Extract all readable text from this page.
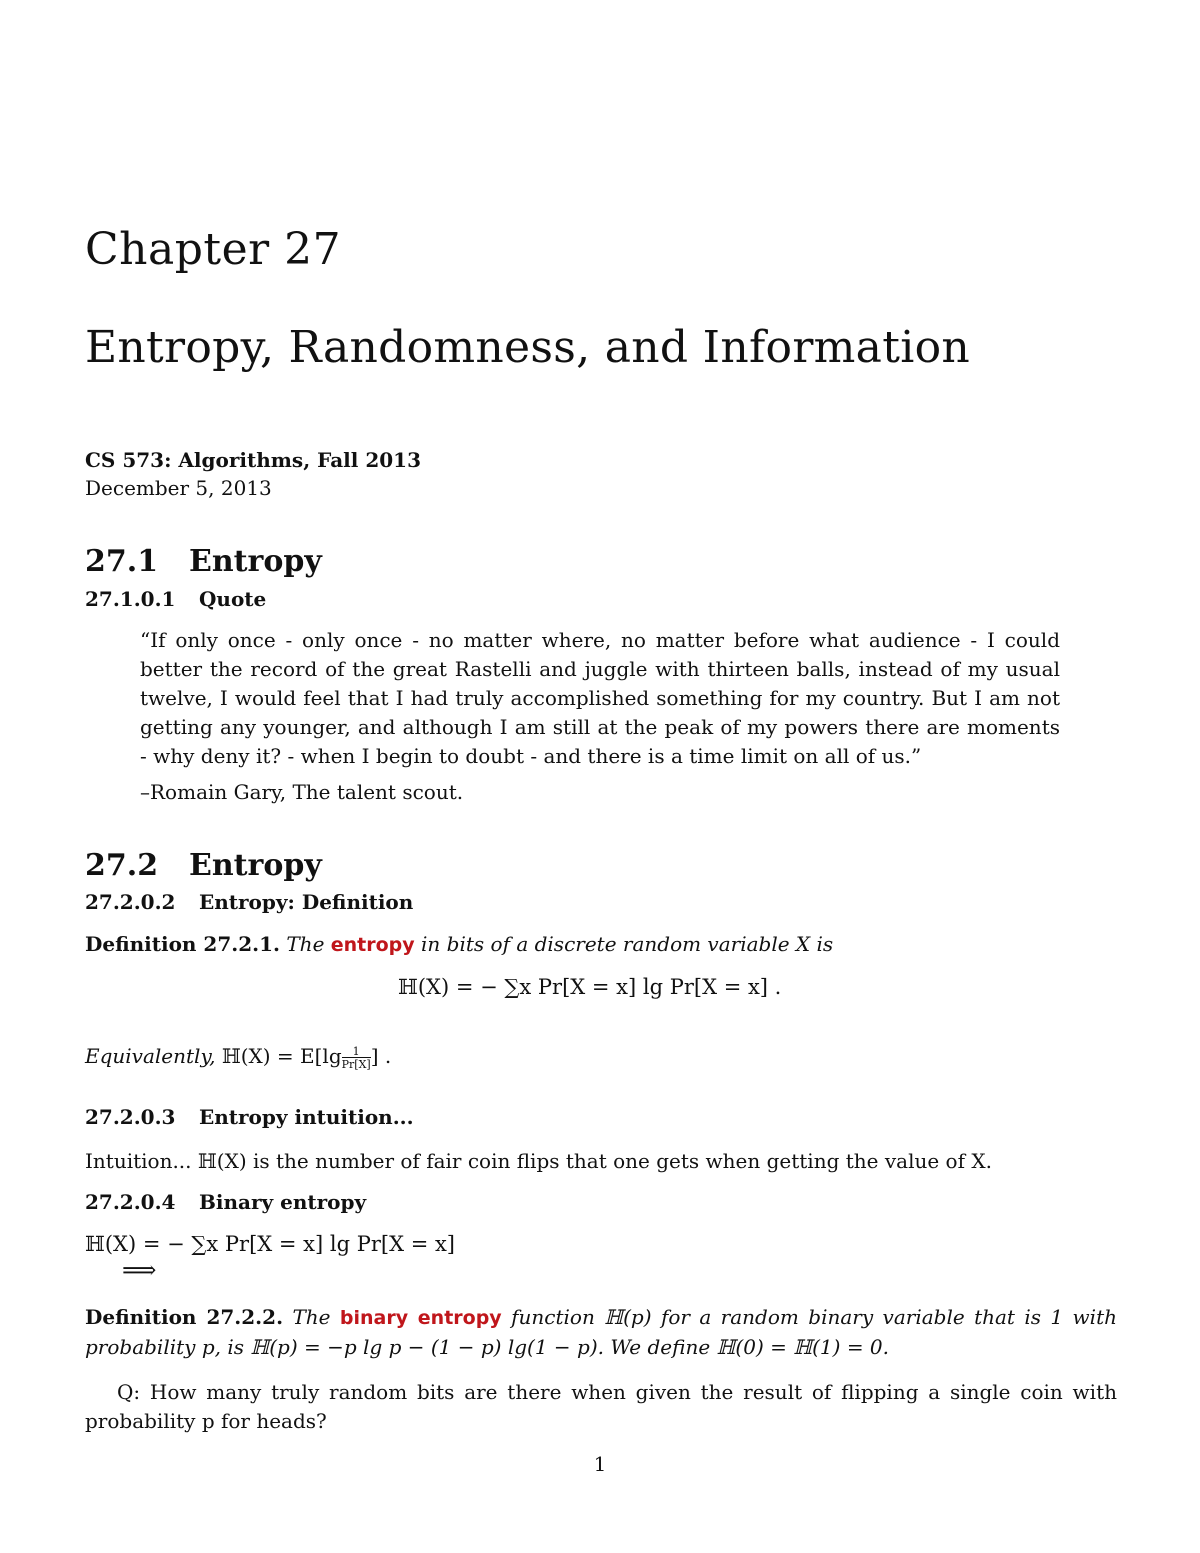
Chapter 27
Entropy, Randomness, and Information
CS 573: Algorithms, Fall 2013
December 5, 2013
27.1 Entropy
27.1.0.1 Quote

“If only once - only once - no matter where, no matter before what audience - I could better the record of the great Rastelli and juggle with thirteen balls, instead of my usual twelve, I would feel that I had truly accomplished something for my country. But I am not getting any younger, and although I am still at the peak of my powers there are moments - why deny it? - when I begin to doubt - and there is a time limit on all of us.”

–Romain Gary, The talent scout.

27.2 Entropy
27.2.0.2 Entropy: Definition
Definition 27.2.1. The entropy in bits of a discrete random variable X is
ℍ(X) = − ∑x Pr[X = x] lg Pr[X = x] .
Equivalently, ℍ(X) = $E[\lg \frac{1}{Pr[X]}$ ] .
27.2.0.3 Entropy intuition...
Intuition... ℍ(X) is the number of fair coin flips that one gets when getting the value of X.
27.2.0.4 Binary entropy
ℍ(X) = − ∑x Pr[X = x] lg Pr[X = x]
⟹

Definition 27.2.2. The binary entropy function ℍ(p) for a random binary variable that is 1 with probability p, is ℍ(p) = −p lg p − (1 − p) lg(1 − p). We define ℍ(0) = ℍ(1) = 0.

Q: How many truly random bits are there when given the result of flipping a single coin with probability p for heads?

1
